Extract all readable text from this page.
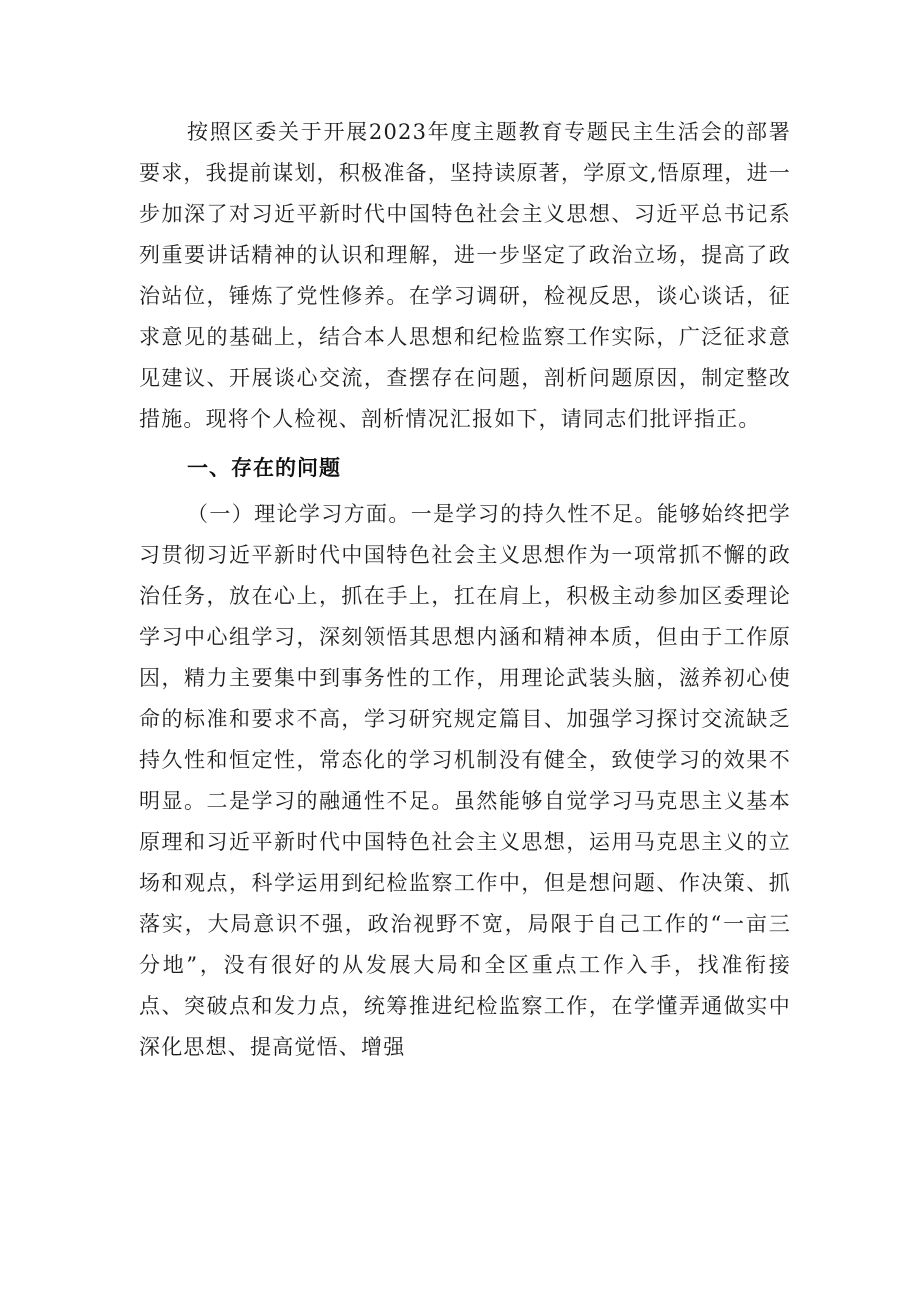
按照区委关于开展2023年度主题教育专题民主生活会的部署要求，我提前谋划，积极准备，坚持读原著，学原文,悟原理，进一步加深了对习近平新时代中国特色社会主义思想、习近平总书记系列重要讲话精神的认识和理解，进一步坚定了政治立场，提高了政治站位，锤炼了党性修养。在学习调研，检视反思，谈心谈话，征求意见的基础上，结合本人思想和纪检监察工作实际，广泛征求意见建议、开展谈心交流，查摆存在问题，剖析问题原因，制定整改措施。现将个人检视、剖析情况汇报如下，请同志们批评指正。

一、存在的问题

（一）理论学习方面。一是学习的持久性不足。能够始终把学习贯彻习近平新时代中国特色社会主义思想作为一项常抓不懈的政治任务，放在心上，抓在手上，扛在肩上，积极主动参加区委理论学习中心组学习，深刻领悟其思想内涵和精神本质，但由于工作原因，精力主要集中到事务性的工作，用理论武装头脑，滋养初心使命的标准和要求不高，学习研究规定篇目、加强学习探讨交流缺乏持久性和恒定性，常态化的学习机制没有健全，致使学习的效果不明显。二是学习的融通性不足。虽然能够自觉学习马克思主义基本原理和习近平新时代中国特色社会主义思想，运用马克思主义的立场和观点，科学运用到纪检监察工作中，但是想问题、作决策、抓落实，大局意识不强，政治视野不宽，局限于自己工作的“一亩三分地”，没有很好的从发展大局和全区重点工作入手，找准衔接点、突破点和发力点，统筹推进纪检监察工作，在学懂弄通做实中深化思想、提高觉悟、增强
